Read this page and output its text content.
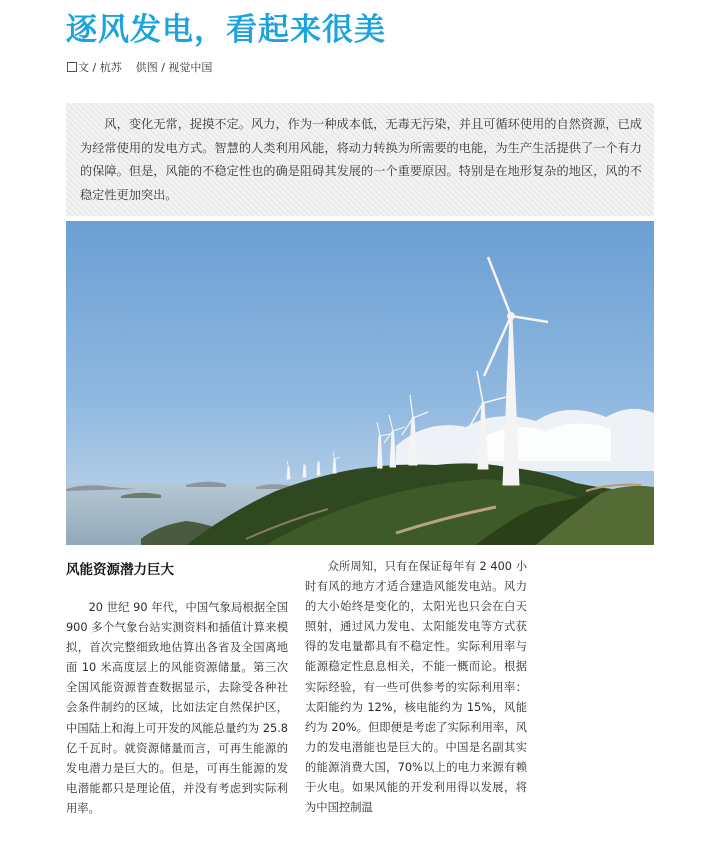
逐风发电，看起来很美
文 / 杭苏 供图 / 视觉中国
风，变化无常，捉摸不定。风力，作为一种成本低，无毒无污染，并且可循环使用的自然资源，已成为经常使用的发电方式。智慧的人类利用风能，将动力转换为所需要的电能，为生产生活提供了一个有力的保障。但是，风能的不稳定性也的确是阻碍其发展的一个重要原因。特别是在地形复杂的地区，风的不稳定性更加突出。
风能资源潜力巨大

20 世纪 90 年代，中国气象局根据全国 900 多个气象台站实测资料和插值计算来模拟，首次完整细致地估算出各省及全国离地面 10 米高度层上的风能资源储量。第三次全国风能资源普查数据显示，去除受各种社会条件制约的区域，比如法定自然保护区，中国陆上和海上可开发的风能总量约为 25.8 亿千瓦时。就资源储量而言，可再生能源的发电潜力是巨大的。但是，可再生能源的发电潜能都只是理论值，并没有考虑到实际利用率。

众所周知，只有在保证每年有 2 400 小时有风的地方才适合建造风能发电站。风力的大小始终是变化的，太阳光也只会在白天照射，通过风力发电、太阳能发电等方式获得的发电量都具有不稳定性。实际利用率与能源稳定性息息相关，不能一概而论。根据实际经验，有一些可供参考的实际利用率：太阳能约为 12%，核电能约为 15%，风能约为 20%。但即便是考虑了实际利用率，风力的发电潜能也是巨大的。中国是名副其实的能源消费大国，70%以上的电力来源有赖于火电。如果风能的开发利用得以发展，将为中国控制温
